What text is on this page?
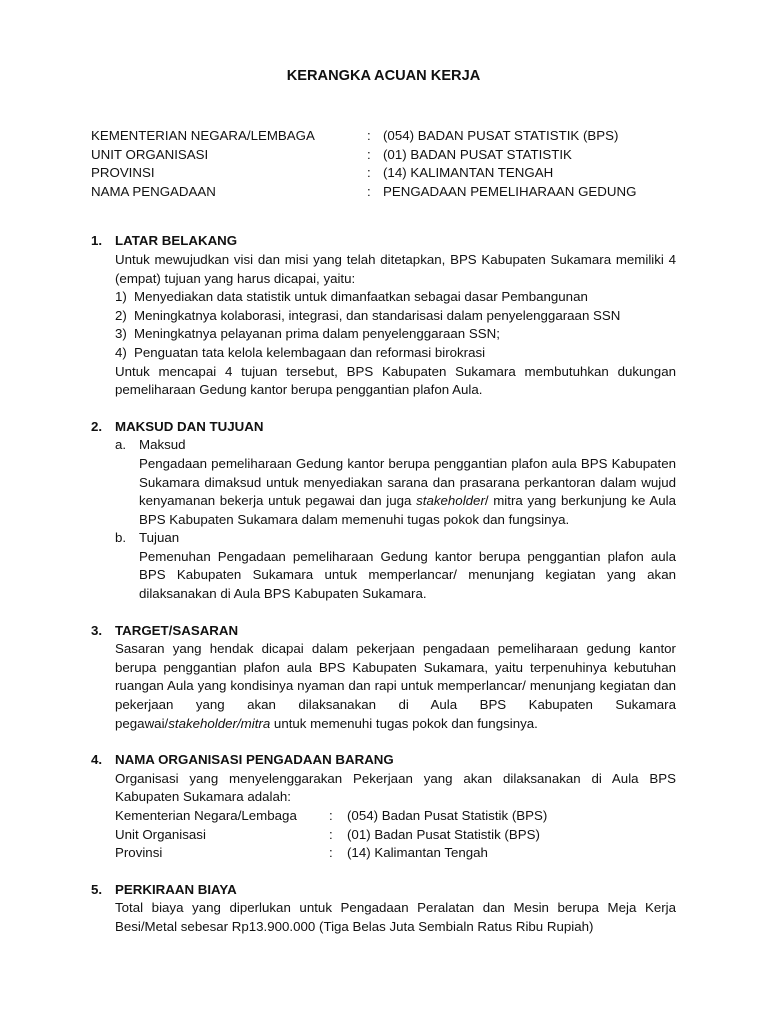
KERANGKA ACUAN KERJA
KEMENTERIAN NEGARA/LEMBAGA	: (054) BADAN PUSAT STATISTIK (BPS)
UNIT ORGANISASI	: (01) BADAN PUSAT STATISTIK
PROVINSI	: (14) KALIMANTAN TENGAH
NAMA PENGADAAN	: PENGADAAN PEMELIHARAAN GEDUNG
1. LATAR BELAKANG

Untuk mewujudkan visi dan misi yang telah ditetapkan, BPS Kabupaten Sukamara memiliki 4 (empat) tujuan yang harus dicapai, yaitu:

1) Menyediakan data statistik untuk dimanfaatkan sebagai dasar Pembangunan
2) Meningkatnya kolaborasi, integrasi, dan standarisasi dalam penyelenggaraan SSN
3) Meningkatnya pelayanan prima dalam penyelenggaraan SSN;
4) Penguatan tata kelola kelembagaan dan reformasi birokrasi

Untuk mencapai 4 tujuan tersebut, BPS Kabupaten Sukamara membutuhkan dukungan pemeliharaan Gedung kantor berupa penggantian plafon Aula.

2. MAKSUD DAN TUJUAN
a. Maksud

Pengadaan pemeliharaan Gedung kantor berupa penggantian plafon aula BPS Kabupaten Sukamara dimaksud untuk menyediakan sarana dan prasarana perkantoran dalam wujud kenyamanan bekerja untuk pegawai dan juga stakeholder/ mitra yang berkunjung ke Aula BPS Kabupaten Sukamara dalam memenuhi tugas pokok dan fungsinya.

b. Tujuan

Pemenuhan Pengadaan pemeliharaan Gedung kantor berupa penggantian plafon aula BPS Kabupaten Sukamara untuk memperlancar/ menunjang kegiatan yang akan dilaksanakan di Aula BPS Kabupaten Sukamara.

3. TARGET/SASARAN

Sasaran yang hendak dicapai dalam pekerjaan pengadaan pemeliharaan gedung kantor berupa penggantian plafon aula BPS Kabupaten Sukamara, yaitu terpenuhinya kebutuhan ruangan Aula yang kondisinya nyaman dan rapi untuk memperlancar/ menunjang kegiatan dan pekerjaan yang akan dilaksanakan di Aula BPS Kabupaten Sukamara pegawai/stakeholder/mitra untuk memenuhi tugas pokok dan fungsinya.

4. NAMA ORGANISASI PENGADAAN BARANG

Organisasi yang menyelenggarakan Pekerjaan yang akan dilaksanakan di Aula BPS Kabupaten Sukamara adalah:

Kementerian Negara/Lembaga	:	(054) Badan Pusat Statistik (BPS)
Unit Organisasi	:	(01) Badan Pusat Statistik (BPS)
Provinsi	:	(14) Kalimantan Tengah
5. PERKIRAAN BIAYA

Total biaya yang diperlukan untuk Pengadaan Peralatan dan Mesin berupa Meja Kerja Besi/Metal sebesar Rp13.900.000 (Tiga Belas Juta Sembialn Ratus Ribu Rupiah)
